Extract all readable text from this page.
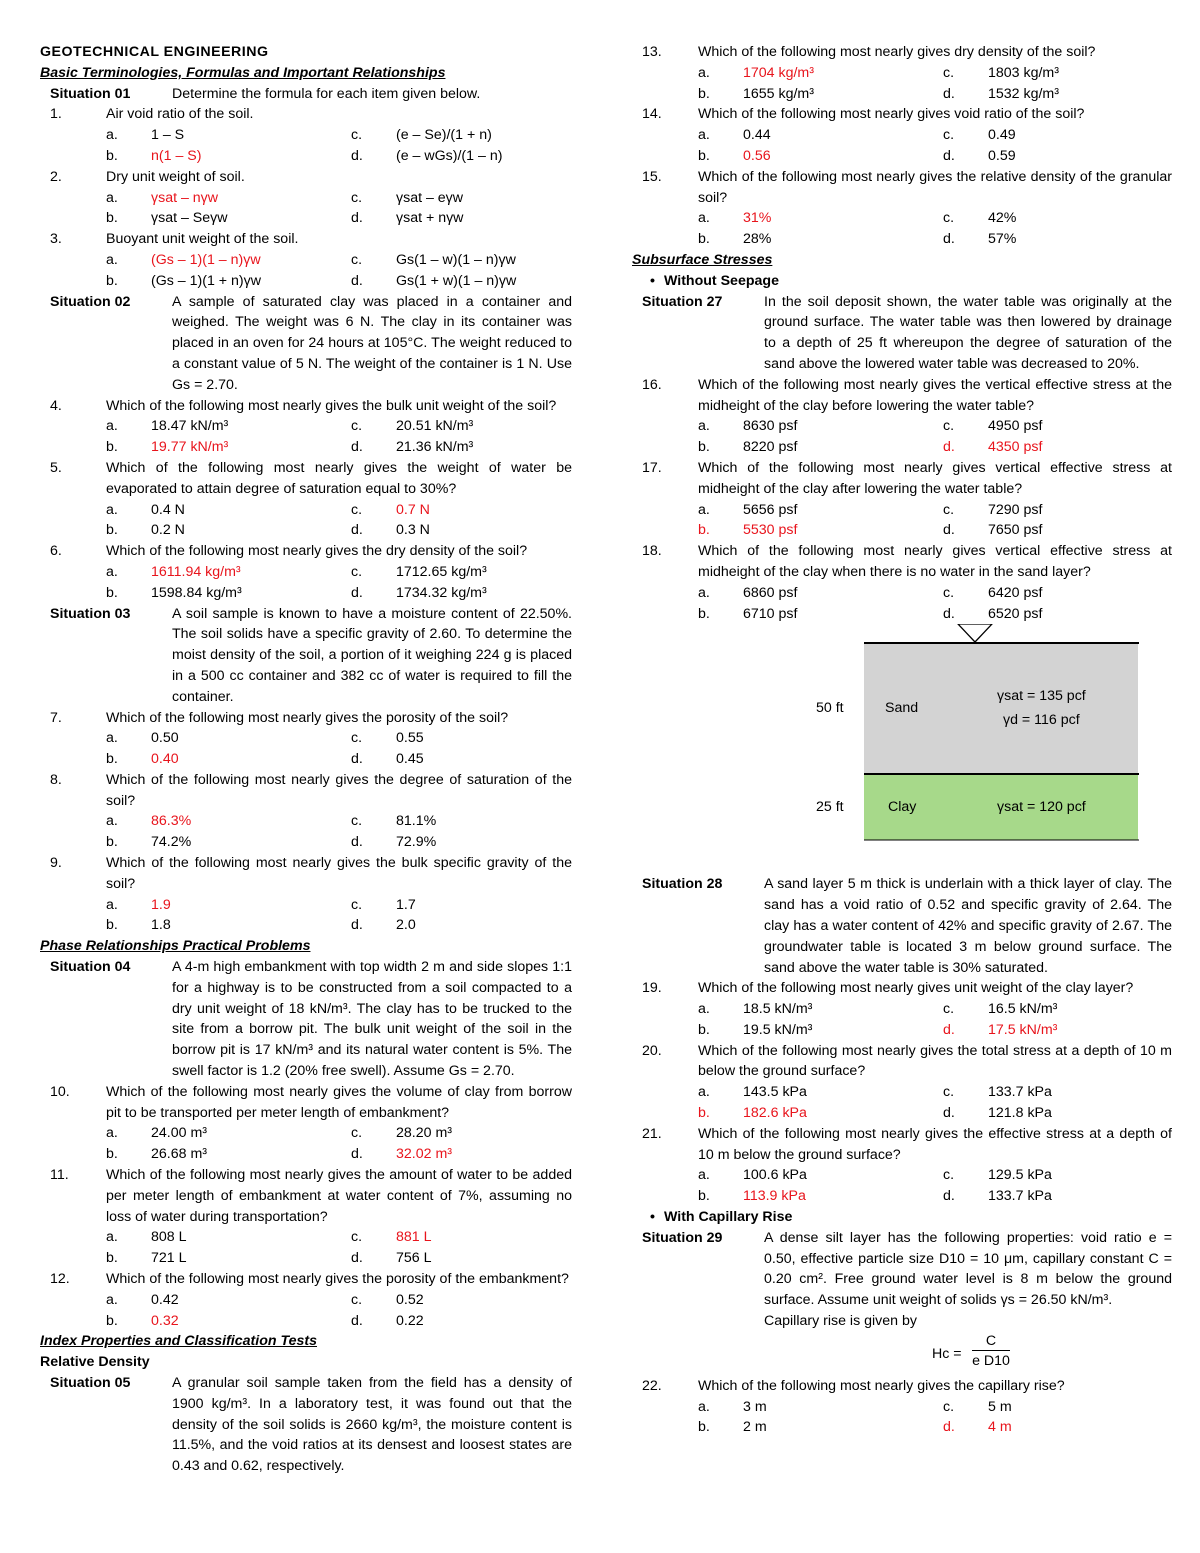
GEOTECHNICAL ENGINEERING
Basic Terminologies, Formulas and Important Relationships
Situation 01	Determine the formula for each item given below.
1.	Air void ratio of the soil.
a.	1 – S	c.	(e – Se)/(1 + n)
b.	n(1 – S)	d.	(e – wGs)/(1 – n)
2.	Dry unit weight of soil.
a.	γsat – nγw	c.	γsat – eγw
b.	γsat – Seγw	d.	γsat + nγw
3.	Buoyant unit weight of the soil.
a.	(Gs – 1)(1 – n)γw	c.	Gs(1 – w)(1 – n)γw
b.	(Gs – 1)(1 + n)γw	d.	Gs(1 + w)(1 – n)γw
Situation 02	A sample of saturated clay was placed in a container and weighed. The weight was 6 N. The clay in its container was placed in an oven for 24 hours at 105°C. The weight reduced to a constant value of 5 N. The weight of the container is 1 N. Use Gs = 2.70.
4.	Which of the following most nearly gives the bulk unit weight of the soil?
a.	18.47 kN/m³	c.	20.51 kN/m³
b.	19.77 kN/m³	d.	21.36 kN/m³
5.	Which of the following most nearly gives the weight of water be evaporated to attain degree of saturation equal to 30%?
a.	0.4 N	c.	0.7 N
b.	0.2 N	d.	0.3 N
6.	Which of the following most nearly gives the dry density of the soil?
a.	1611.94 kg/m³	c.	1712.65 kg/m³
b.	1598.84 kg/m³	d.	1734.32 kg/m³
Situation 03	A soil sample is known to have a moisture content of 22.50%. The soil solids have a specific gravity of 2.60. To determine the moist density of the soil, a portion of it weighing 224 g is placed in a 500 cc container and 382 cc of water is required to fill the container.
7.	Which of the following most nearly gives the porosity of the soil?
a.	0.50	c.	0.55
b.	0.40	d.	0.45
8.	Which of the following most nearly gives the degree of saturation of the soil?
a.	86.3%	c.	81.1%
b.	74.2%	d.	72.9%
9.	Which of the following most nearly gives the bulk specific gravity of the soil?
a.	1.9	c.	1.7
b.	1.8	d.	2.0
Phase Relationships Practical Problems
Situation 04	A 4-m high embankment with top width 2 m and side slopes 1:1 for a highway is to be constructed from a soil compacted to a dry unit weight of 18 kN/m³. The clay has to be trucked to the site from a borrow pit. The bulk unit weight of the soil in the borrow pit is 17 kN/m³ and its natural water content is 5%. The swell factor is 1.2 (20% free swell). Assume Gs = 2.70.
10.	Which of the following most nearly gives the volume of clay from borrow pit to be transported per meter length of embankment?
a.	24.00 m³	c.	28.20 m³
b.	26.68 m³	d.	32.02 m³
11.	Which of the following most nearly gives the amount of water to be added per meter length of embankment at water content of 7%, assuming no loss of water during transportation?
a.	808 L	c.	881 L
b.	721 L	d.	756 L
12.	Which of the following most nearly gives the porosity of the embankment?
a.	0.42	c.	0.52
b.	0.32	d.	0.22
Index Properties and Classification Tests
Relative Density
Situation 05	A granular soil sample taken from the field has a density of 1900 kg/m³. In a laboratory test, it was found out that the density of the soil solids is 2660 kg/m³, the moisture content is 11.5%, and the void ratios at its densest and loosest states are 0.43 and 0.62, respectively.
13.	Which of the following most nearly gives dry density of the soil?
a.	1704 kg/m³	c.	1803 kg/m³
b.	1655 kg/m³	d.	1532 kg/m³
14.	Which of the following most nearly gives void ratio of the soil?
a.	0.44	c.	0.49
b.	0.56	d.	0.59
15.	Which of the following most nearly gives the relative density of the granular soil?
a.	31%	c.	42%
b.	28%	d.	57%
Subsurface Stresses
• Without Seepage
Situation 27	In the soil deposit shown, the water table was originally at the ground surface. The water table was then lowered by drainage to a depth of 25 ft whereupon the degree of saturation of the sand above the lowered water table was decreased to 20%.
16.	Which of the following most nearly gives the vertical effective stress at the midheight of the clay before lowering the water table?
a.	8630 psf	c.	4950 psf
b.	8220 psf	d.	4350 psf
17.	Which of the following most nearly gives vertical effective stress at midheight of the clay after lowering the water table?
a.	5656 psf	c.	7290 psf
b.	5530 psf	d.	7650 psf
18.	Which of the following most nearly gives vertical effective stress at midheight of the clay when there is no water in the sand layer?
a.	6860 psf	c.	6420 psf
b.	6710 psf	d.	6520 psf
50 ft	Sand
γsat = 135 pcf
γd = 116 pcf
25 ft	Clay	γsat = 120 pcf
Situation 28	A sand layer 5 m thick is underlain with a thick layer of clay. The sand has a void ratio of 0.52 and specific gravity of 2.64. The clay has a water content of 42% and specific gravity of 2.67. The groundwater table is located 3 m below ground surface. The sand above the water table is 30% saturated.
19.	Which of the following most nearly gives unit weight of the clay layer?
a.	18.5 kN/m³	c.	16.5 kN/m³
b.	19.5 kN/m³	d.	17.5 kN/m³
20.	Which of the following most nearly gives the total stress at a depth of 10 m below the ground surface?
a.	143.5 kPa	c.	133.7 kPa
b.	182.6 kPa	d.	121.8 kPa
21.	Which of the following most nearly gives the effective stress at a depth of 10 m below the ground surface?
a.	100.6 kPa	c.	129.5 kPa
b.	113.9 kPa	d.	133.7 kPa
• With Capillary Rise
Situation 29	A dense silt layer has the following properties: void ratio e = 0.50, effective particle size D10 = 10 μm, capillary constant C = 0.20 cm². Free ground water level is 8 m below the ground surface. Assume unit weight of solids γs = 26.50 kN/m³.
Capillary rise is given by
Hc =
C
e D10
22.	Which of the following most nearly gives the capillary rise?
a.	3 m	c.	5 m
b.	2 m	d.	4 m
